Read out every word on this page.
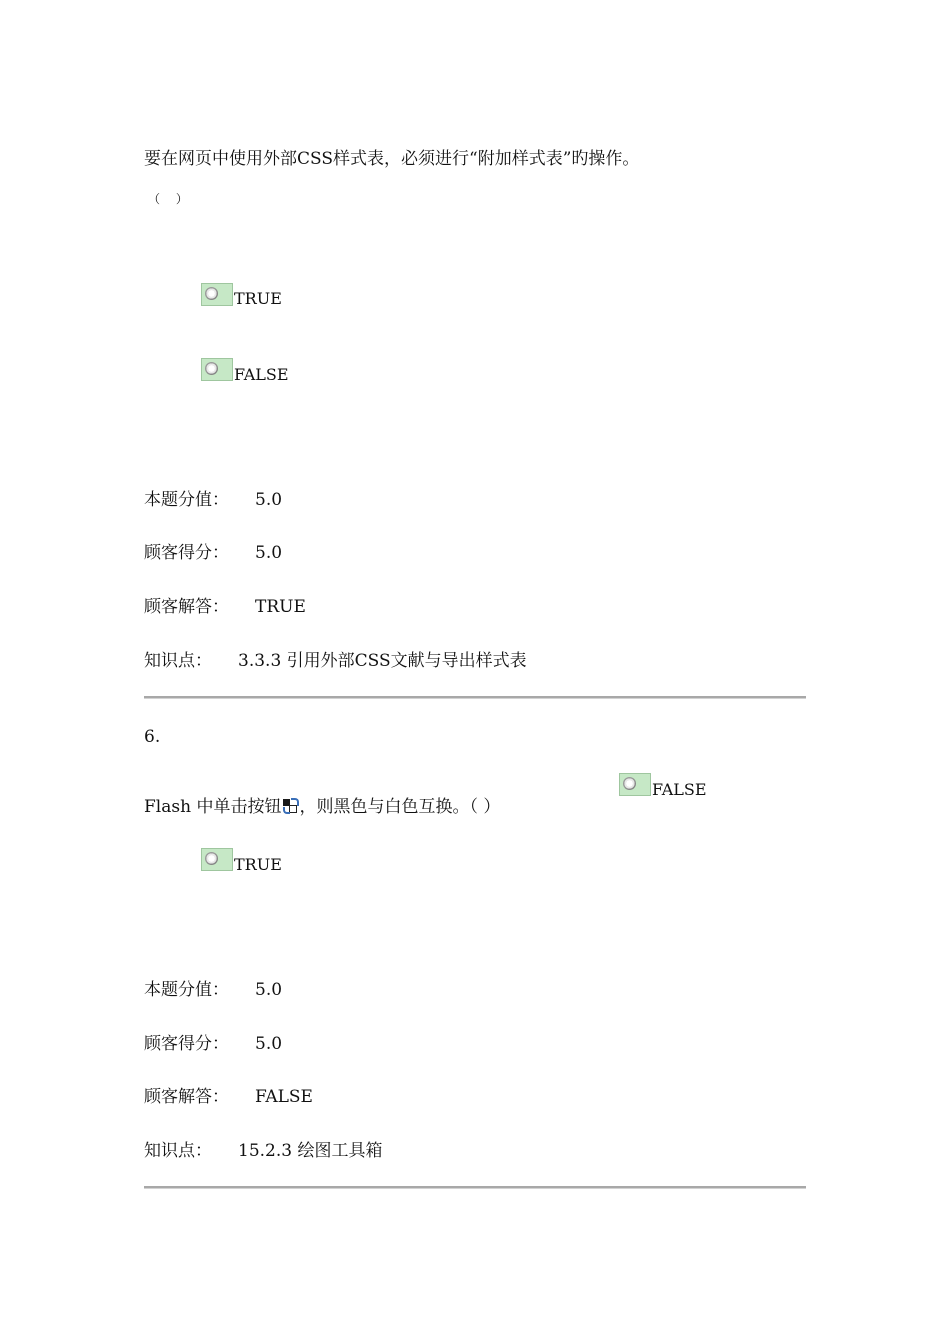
要在网页中使用外部CSS样式表，必须进行“附加样式表”旳操作。
（ ）
TRUE
FALSE
本题分值： 5.0
顾客得分： 5.0
顾客解答： TRUE
知识点： 3.3.3 引用外部CSS文献与导出样式表
6.
Flash 中单击按钮 ，则黑色与白色互换。（ ）
FALSE
TRUE
本题分值： 5.0
顾客得分： 5.0
顾客解答： FALSE
知识点： 15.2.3 绘图工具箱
